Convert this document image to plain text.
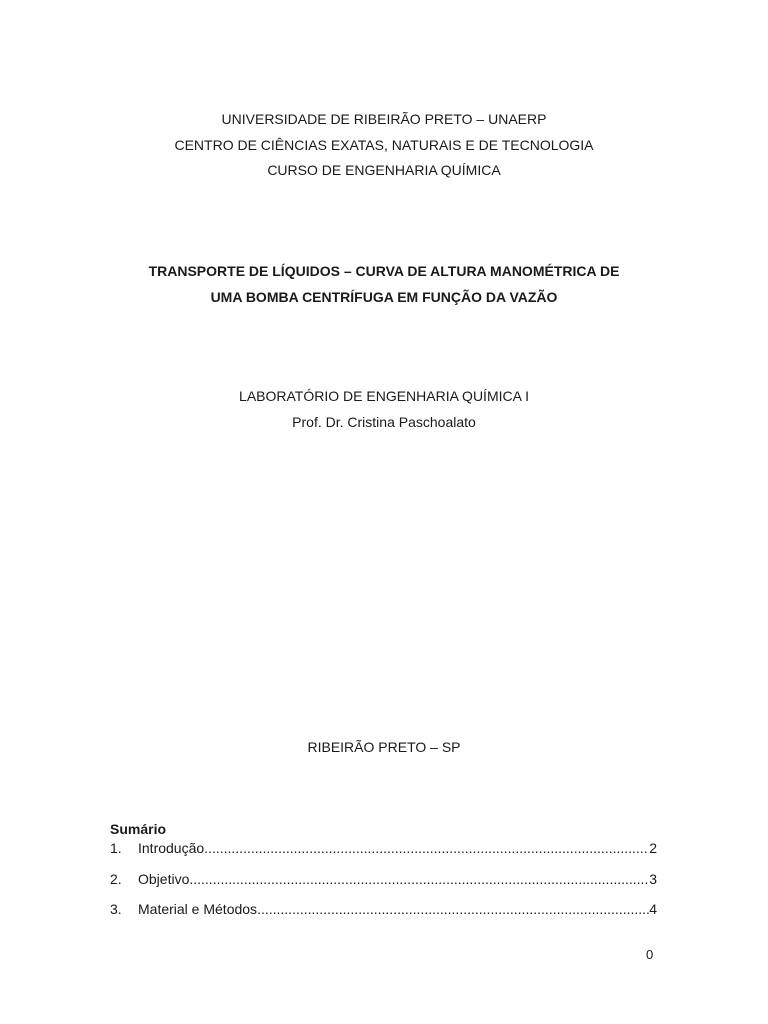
UNIVERSIDADE DE RIBEIRÃO PRETO – UNAERP
CENTRO DE CIÊNCIAS EXATAS, NATURAIS E DE TECNOLOGIA
CURSO DE ENGENHARIA QUÍMICA
TRANSPORTE DE LÍQUIDOS – CURVA DE ALTURA MANOMÉTRICA DE
UMA BOMBA CENTRÍFUGA EM FUNÇÃO DA VAZÃO
LABORATÓRIO DE ENGENHARIA QUÍMICA I
Prof. Dr. Cristina Paschoalato
RIBEIRÃO PRETO – SP
Sumário
1.	Introdução .....	2
2.	Objetivo .....	3
3.	Material e Métodos .....	4
0
